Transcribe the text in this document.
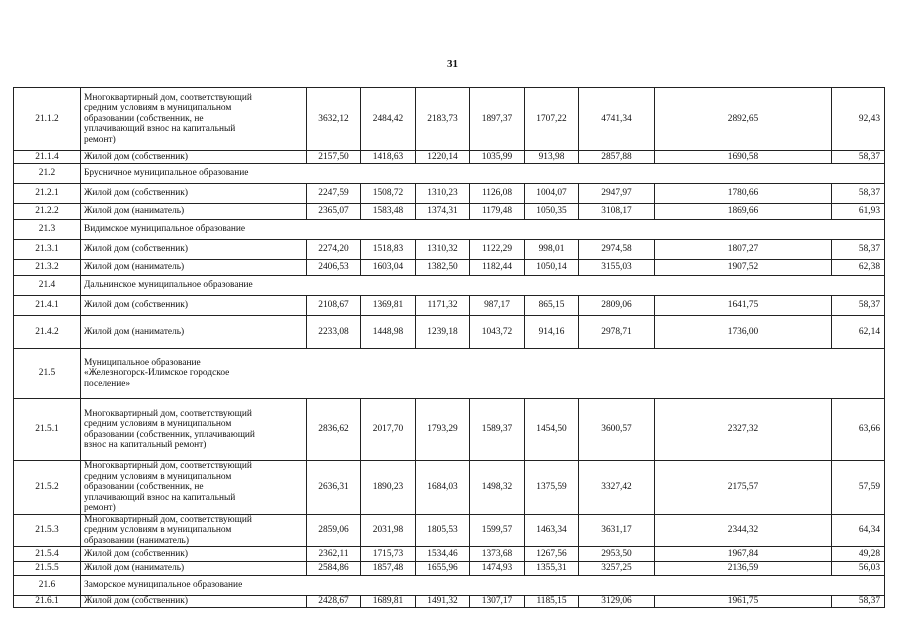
31
21.1.2	Многоквартирный дом, соответствующий
средним условиям в муниципальном
образовании (собственник, не
уплачивающий взнос на капитальный
ремонт)	3632,12	2484,42	2183,73	1897,37	1707,22	4741,34	2892,65	92,43
21.1.4	Жилой дом (собственник)	2157,50	1418,63	1220,14	1035,99	913,98	2857,88	1690,58	58,37
21.2	Брусничное муниципальное образование								
21.2.1	Жилой дом (собственник)	2247,59	1508,72	1310,23	1126,08	1004,07	2947,97	1780,66	58,37
21.2.2	Жилой дом (наниматель)	2365,07	1583,48	1374,31	1179,48	1050,35	3108,17	1869,66	61,93
21.3	Видимское муниципальное образование								
21.3.1	Жилой дом (собственник)	2274,20	1518,83	1310,32	1122,29	998,01	2974,58	1807,27	58,37
21.3.2	Жилой дом (наниматель)	2406,53	1603,04	1382,50	1182,44	1050,14	3155,03	1907,52	62,38
21.4	Дальнинское муниципальное образование								
21.4.1	Жилой дом (собственник)	2108,67	1369,81	1171,32	987,17	865,15	2809,06	1641,75	58,37
21.4.2	Жилой дом (наниматель)	2233,08	1448,98	1239,18	1043,72	914,16	2978,71	1736,00	62,14
21.5	Муниципальное образование
«Железногорск-Илимское городское
поселение»								
21.5.1	Многоквартирный дом, соответствующий
средним условиям в муниципальном
образовании (собственник, уплачивающий
взнос на капитальный ремонт)	2836,62	2017,70	1793,29	1589,37	1454,50	3600,57	2327,32	63,66
21.5.2	Многоквартирный дом, соответствующий
средним условиям в муниципальном
образовании (собственник, не
уплачивающий взнос на капитальный
ремонт)	2636,31	1890,23	1684,03	1498,32	1375,59	3327,42	2175,57	57,59
21.5.3	Многоквартирный дом, соответствующий
средним условиям в муниципальном
образовании (наниматель)	2859,06	2031,98	1805,53	1599,57	1463,34	3631,17	2344,32	64,34
21.5.4	Жилой дом (собственник)	2362,11	1715,73	1534,46	1373,68	1267,56	2953,50	1967,84	49,28
21.5.5	Жилой дом (наниматель)	2584,86	1857,48	1655,96	1474,93	1355,31	3257,25	2136,59	56,03
21.6	Заморское муниципальное образование								
21.6.1	Жилой дом (собственник)	2428,67	1689,81	1491,32	1307,17	1185,15	3129,06	1961,75	58,37
